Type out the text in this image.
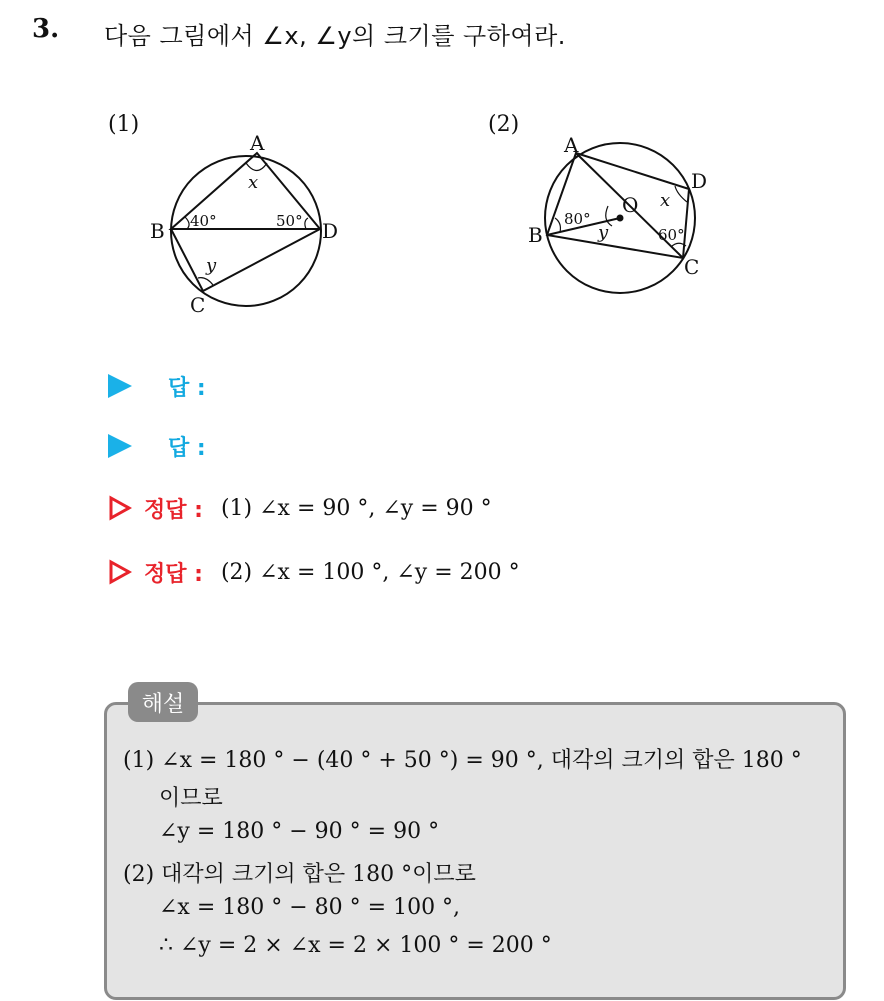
3. 다음 그림에서 ∠x, ∠y의 크기를 구하여라.
(1)
A
B
C
D
40°	50°
x
y
(2)
A
B
C
D
O
80°
60°
x
y
답 :
답 :
정답 : (1) ∠x = 90 °, ∠y = 90 °
정답 : (2) ∠x = 100 °, ∠y = 200 °
해설
(1) ∠x = 180 ° − (40 ° + 50 °) = 90 °, 대각의 크기의 합은 180 °
이므로
∠y = 180 ° − 90 ° = 90 °
(2) 대각의 크기의 합은 180 °이므로
∠x = 180 ° − 80 ° = 100 °,
∴ ∠y = 2 × ∠x = 2 × 100 ° = 200 °
